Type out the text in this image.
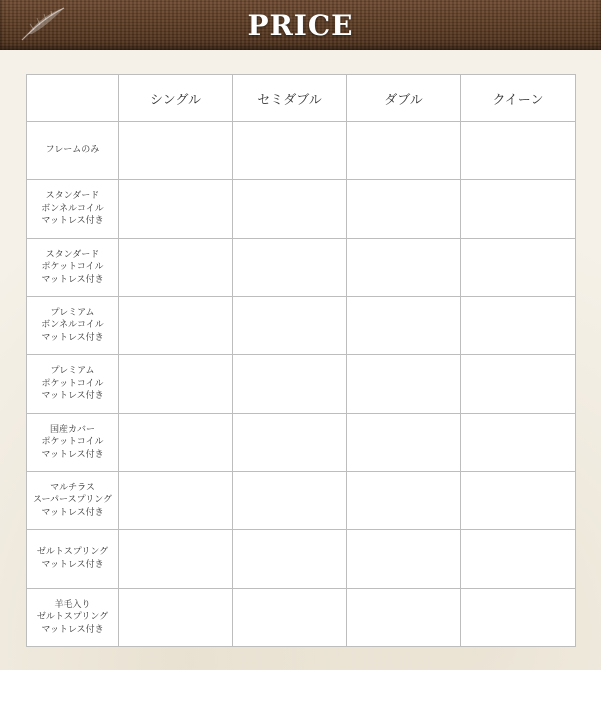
PRICE
	シングル	セミダブル	ダブル	クイーン

フレームのみ				

スタンダード
ボンネルコイル
マットレス付き				

スタンダード
ポケットコイル
マットレス付き				

プレミアム
ボンネルコイル
マットレス付き				

プレミアム
ポケットコイル
マットレス付き				

国産カバー
ポケットコイル
マットレス付き				

マルチラス
スーパースプリング
マットレス付き				

ゼルトスプリング
マットレス付き				

羊毛入り
ゼルトスプリング
マットレス付き				
